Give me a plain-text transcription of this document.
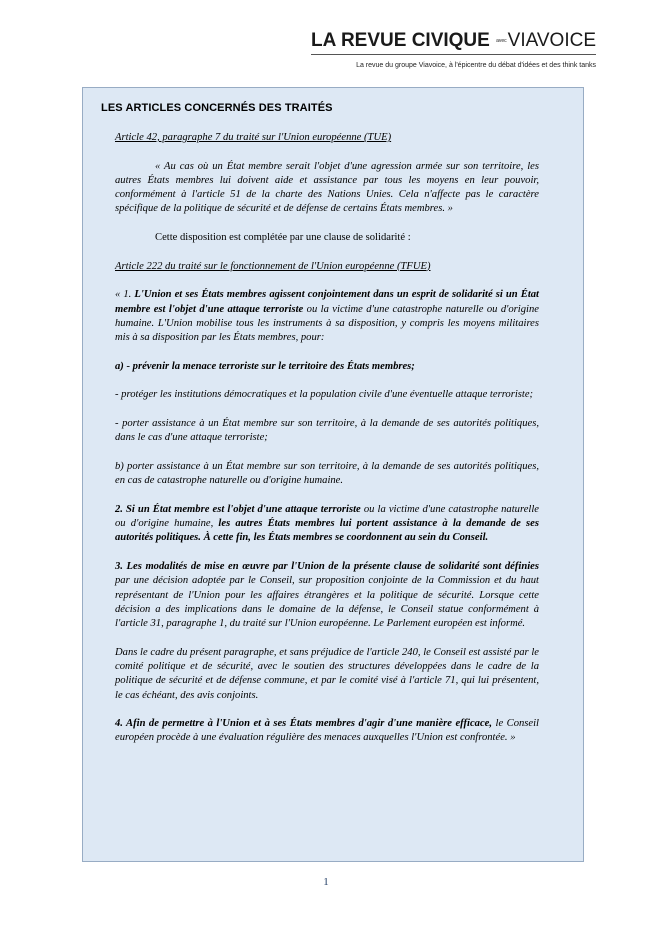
LA REVUE CIVIQUE avecVIAVOICE
La revue du groupe Viavoice, à l'épicentre du débat d'idées et des think tanks
LES ARTICLES CONCERNÉS DES TRAITÉS

Article 42, paragraphe 7 du traité sur l'Union européenne (TUE)

« Au cas où un État membre serait l'objet d'une agression armée sur son territoire, les autres États membres lui doivent aide et assistance par tous les moyens en leur pouvoir, conformément à l'article 51 de la charte des Nations Unies. Cela n'affecte pas le caractère spécifique de la politique de sécurité et de défense de certains États membres. »

Cette disposition est complétée par une clause de solidarité :

Article 222 du traité sur le fonctionnement de l'Union européenne (TFUE)

« 1. L'Union et ses États membres agissent conjointement dans un esprit de solidarité si un État membre est l'objet d'une attaque terroriste ou la victime d'une catastrophe naturelle ou d'origine humaine. L'Union mobilise tous les instruments à sa disposition, y compris les moyens militaires mis à sa disposition par les États membres, pour:

a) - prévenir la menace terroriste sur le territoire des États membres;

- protéger les institutions démocratiques et la population civile d'une éventuelle attaque terroriste;

- porter assistance à un État membre sur son territoire, à la demande de ses autorités politiques, dans le cas d'une attaque terroriste;

b) porter assistance à un État membre sur son territoire, à la demande de ses autorités politiques, en cas de catastrophe naturelle ou d'origine humaine.

2. Si un État membre est l'objet d'une attaque terroriste ou la victime d'une catastrophe naturelle ou d'origine humaine, les autres États membres lui portent assistance à la demande de ses autorités politiques. À cette fin, les États membres se coordonnent au sein du Conseil.

3. Les modalités de mise en œuvre par l'Union de la présente clause de solidarité sont définies par une décision adoptée par le Conseil, sur proposition conjointe de la Commission et du haut représentant de l'Union pour les affaires étrangères et la politique de sécurité. Lorsque cette décision a des implications dans le domaine de la défense, le Conseil statue conformément à l'article 31, paragraphe 1, du traité sur l'Union européenne. Le Parlement européen est informé.

Dans le cadre du présent paragraphe, et sans préjudice de l'article 240, le Conseil est assisté par le comité politique et de sécurité, avec le soutien des structures développées dans le cadre de la politique de sécurité et de défense commune, et par le comité visé à l'article 71, qui lui présentent, le cas échéant, des avis conjoints.

4. Afin de permettre à l'Union et à ses États membres d'agir d'une manière efficace, le Conseil européen procède à une évaluation régulière des menaces auxquelles l'Union est confrontée. »

1
